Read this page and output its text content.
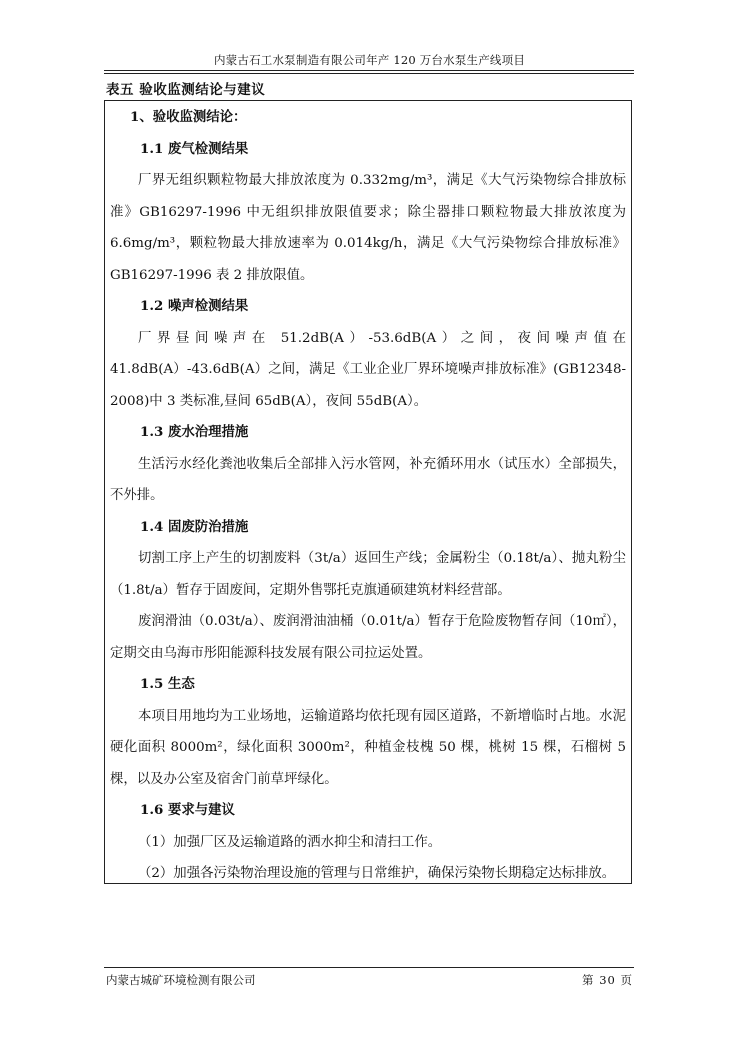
内蒙古石工水泵制造有限公司年产 120 万台水泵生产线项目
表五 验收监测结论与建议

1、验收监测结论：

1.1 废气检测结果

厂界无组织颗粒物最大排放浓度为 0.332mg/m³，满足《大气污染物综合排放标准》GB16297-1996 中无组织排放限值要求；除尘器排口颗粒物最大排放浓度为 6.6mg/m³，颗粒物最大排放速率为 0.014kg/h，满足《大气污染物综合排放标准》GB16297-1996 表 2 排放限值。

1.2 噪声检测结果

厂界昼间噪声在 51.2dB(A）-53.6dB(A）之间，夜间噪声值在 41.8dB(A）-43.6dB(A）之间，满足《工业企业厂界环境噪声排放标准》(GB12348-2008)中 3 类标准,昼间 65dB(A），夜间 55dB(A）。

1.3 废水治理措施

生活污水经化粪池收集后全部排入污水管网，补充循环用水（试压水）全部损失，不外排。

1.4 固废防治措施

切割工序上产生的切割废料（3t/a）返回生产线；金属粉尘（0.18t/a）、抛丸粉尘（1.8t/a）暂存于固废间，定期外售鄂托克旗通硕建筑材料经营部。

废润滑油（0.03t/a）、废润滑油油桶（0.01t/a）暂存于危险废物暂存间（10㎡），定期交由乌海市彤阳能源科技发展有限公司拉运处置。

1.5 生态

本项目用地均为工业场地，运输道路均依托现有园区道路，不新增临时占地。水泥硬化面积 8000m²，绿化面积 3000m²，种植金枝槐 50 棵，桃树 15 棵，石榴树 5 棵，以及办公室及宿舍门前草坪绿化。

1.6 要求与建议

（1）加强厂区及运输道路的洒水抑尘和清扫工作。

（2）加强各污染物治理设施的管理与日常维护，确保污染物长期稳定达标排放。

内蒙古城矿环境检测有限公司	第 30 页
